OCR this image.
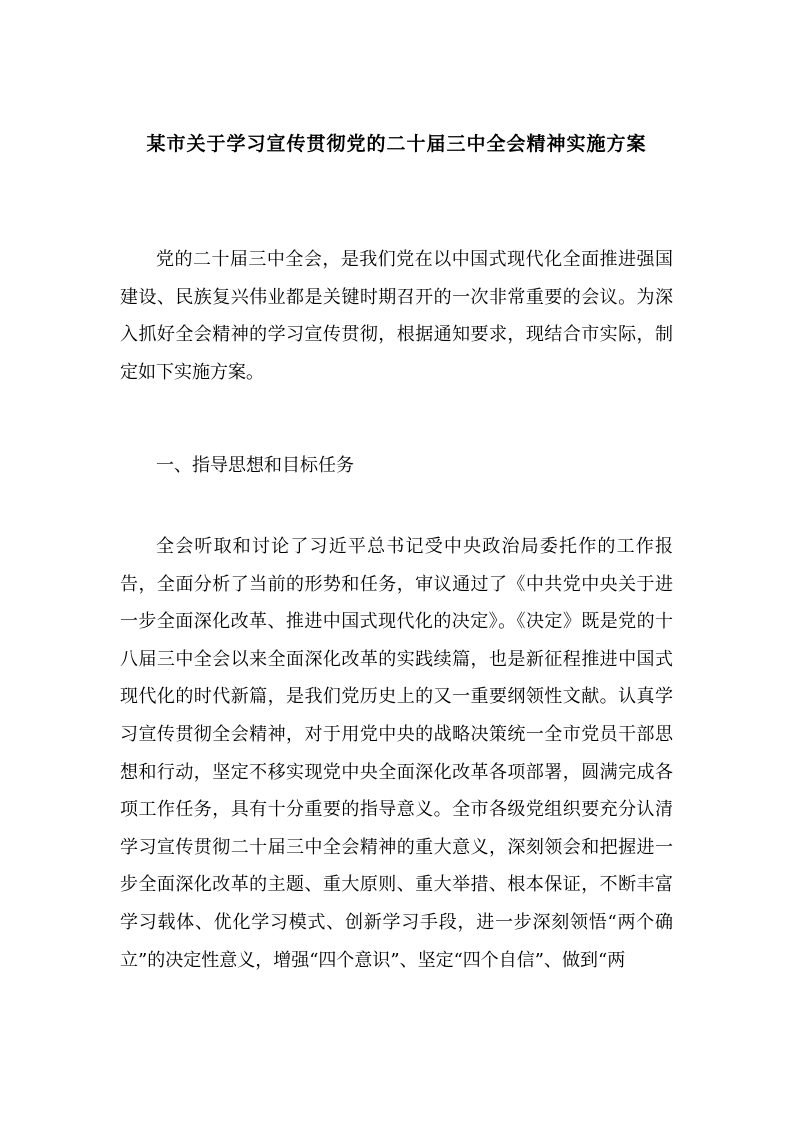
某市关于学习宣传贯彻党的二十届三中全会精神实施方案

党的二十届三中全会，是我们党在以中国式现代化全面推进强国建设、民族复兴伟业都是关键时期召开的一次非常重要的会议。为深入抓好全会精神的学习宣传贯彻，根据通知要求，现结合市实际，制定如下实施方案。

一、指导思想和目标任务

全会听取和讨论了习近平总书记受中央政治局委托作的工作报告，全面分析了当前的形势和任务，审议通过了《中共党中央关于进一步全面深化改革、推进中国式现代化的决定》。《决定》既是党的十八届三中全会以来全面深化改革的实践续篇，也是新征程推进中国式现代化的时代新篇，是我们党历史上的又一重要纲领性文献。认真学习宣传贯彻全会精神，对于用党中央的战略决策统一全市党员干部思想和行动，坚定不移实现党中央全面深化改革各项部署，圆满完成各项工作任务，具有十分重要的指导意义。全市各级党组织要充分认清学习宣传贯彻二十届三中全会精神的重大意义，深刻领会和把握进一步全面深化改革的主题、重大原则、重大举措、根本保证，不断丰富学习载体、优化学习模式、创新学习手段，进一步深刻领悟“两个确立”的决定性意义，增强“四个意识”、坚定“四个自信”、做到“两
